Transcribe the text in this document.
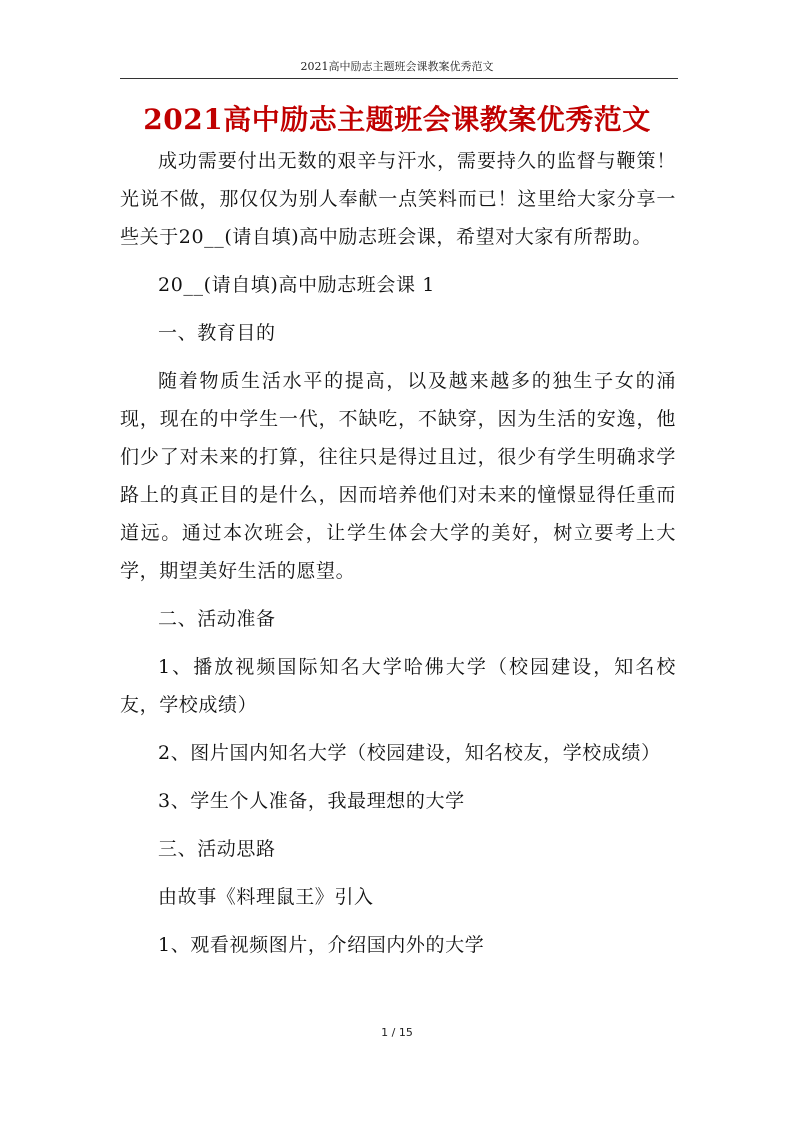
2021高中励志主题班会课教案优秀范文
2021高中励志主题班会课教案优秀范文

成功需要付出无数的艰辛与汗水，需要持久的监督与鞭策！光说不做，那仅仅为别人奉献一点笑料而已！这里给大家分享一些关于20__(请自填)高中励志班会课，希望对大家有所帮助。

20__(请自填)高中励志班会课 1

一、教育目的

随着物质生活水平的提高，以及越来越多的独生子女的涌现，现在的中学生一代，不缺吃，不缺穿，因为生活的安逸，他们少了对未来的打算，往往只是得过且过，很少有学生明确求学路上的真正目的是什么，因而培养他们对未来的憧憬显得任重而道远。通过本次班会，让学生体会大学的美好，树立要考上大学，期望美好生活的愿望。

二、活动准备

1、播放视频国际知名大学哈佛大学（校园建设，知名校友，学校成绩）

2、图片国内知名大学（校园建设，知名校友，学校成绩）

3、学生个人准备，我最理想的大学

三、活动思路

由故事《料理鼠王》引入

1、观看视频图片，介绍国内外的大学

1 / 15
